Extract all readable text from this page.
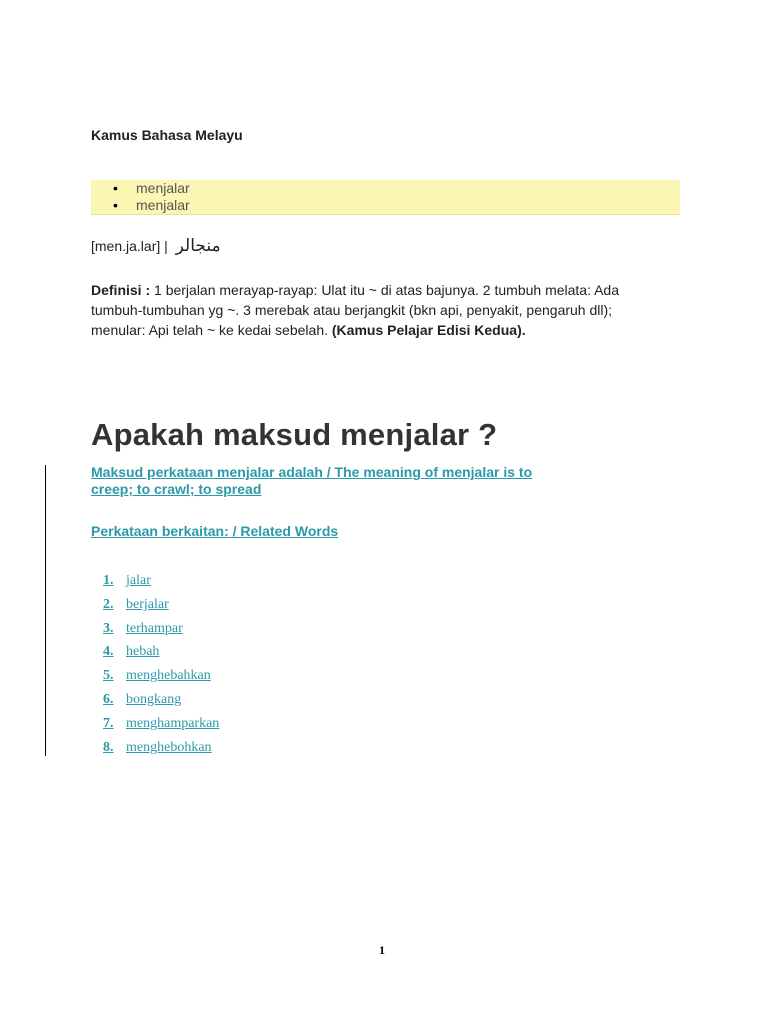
Kamus Bahasa Melayu
• menjalar
• menjalar
[men.ja.lar] | منجالر
Definisi : 1 berjalan merayap-rayap: Ulat itu ~ di atas bajunya. 2 tumbuh melata: Ada tumbuh-tumbuhan yg ~. 3 merebak atau berjangkit (bkn api, penyakit, pengaruh dll); menular: Api telah ~ ke kedai sebelah. (Kamus Pelajar Edisi Kedua).
Apakah maksud menjalar ?
Maksud perkataan menjalar adalah / The meaning of menjalar is to creep; to crawl; to spread
Perkataan berkaitan: / Related Words
1. jalar
2. berjalar
3. terhampar
4. hebah
5. menghebahkan
6. bongkang
7. menghamparkan
8. menghebohkan
1
